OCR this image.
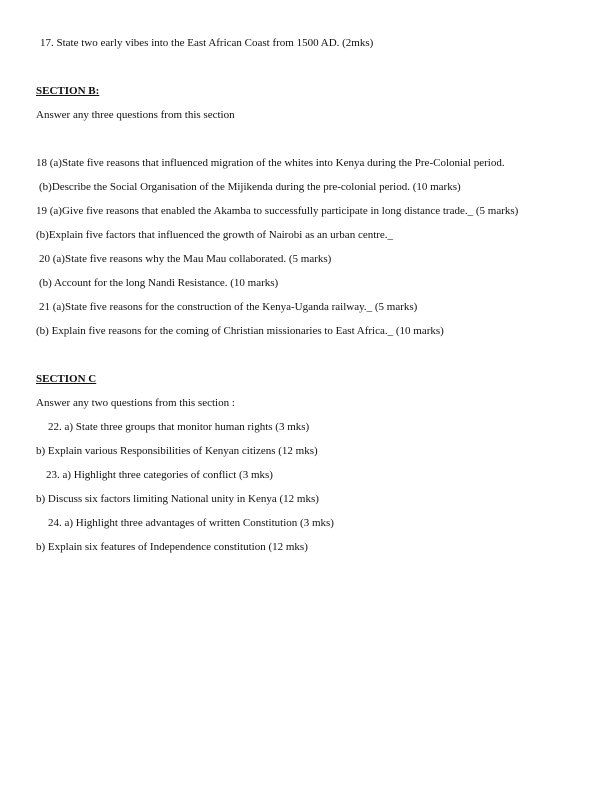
17. State two early vibes into the East African Coast from 1500 AD. (2mks)
SECTION B:
Answer any three questions from this section
18 (a)State five reasons that influenced migration of the whites into Kenya during the Pre-Colonial period.
(b)Describe the Social Organisation of the Mijikenda during the pre-colonial period. (10 marks)
19 (a)Give five reasons that enabled the Akamba to successfully participate in long distance trade._ (5 marks)
(b)Explain five factors that influenced the growth of Nairobi as an urban centre._
20 (a)State five reasons why the Mau Mau collaborated. (5 marks)
(b) Account for the long Nandi Resistance. (10 marks)
21 (a)State five reasons for the construction of the Kenya-Uganda railway._ (5 marks)
(b) Explain five reasons for the coming of Christian missionaries to East Africa._ (10 marks)
SECTION C
Answer any two questions from this section :
22. a) State three groups that monitor human rights (3 mks)
b) Explain various Responsibilities of Kenyan citizens (12 mks)
23. a) Highlight three categories of conflict (3 mks)
b) Discuss six factors limiting National unity in Kenya (12 mks)
24. a) Highlight three advantages of written Constitution (3 mks)
b) Explain six features of Independence constitution (12 mks)
